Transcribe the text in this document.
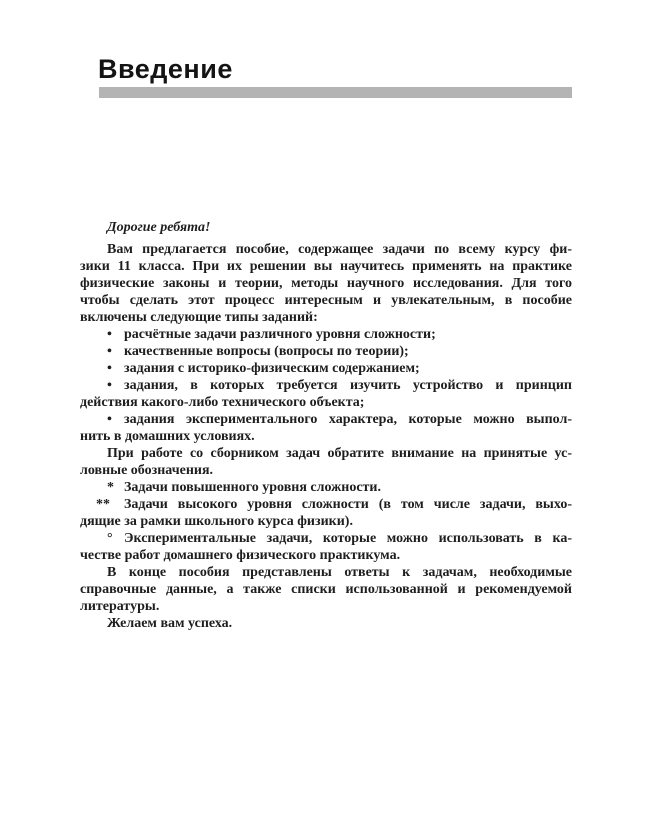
Введение
Дорогие ребята!
Вам предлагается пособие, содержащее задачи по всему курсу фи-
зики 11 класса. При их решении вы научитесь применять на практике
физические законы и теории, методы научного исследования. Для того
чтобы сделать этот процесс интересным и увлекательным, в пособие
включены следующие типы заданий:
• расчётные задачи различного уровня сложности;
• качественные вопросы (вопросы по теории);
• задания с историко-физическим содержанием;
• задания, в которых требуется изучить устройство и принцип
действия какого-либо технического объекта;
• задания экспериментального характера, которые можно выпол-
нить в домашних условиях.
При работе со сборником задач обратите внимание на принятые ус-
ловные обозначения.
* Задачи повышенного уровня сложности.
** Задачи высокого уровня сложности (в том числе задачи, выхо-
дящие за рамки школьного курса физики).
° Экспериментальные задачи, которые можно использовать в ка-
честве работ домашнего физического практикума.
В конце пособия представлены ответы к задачам, необходимые
справочные данные, а также списки использованной и рекомендуемой
литературы.
Желаем вам успеха.
